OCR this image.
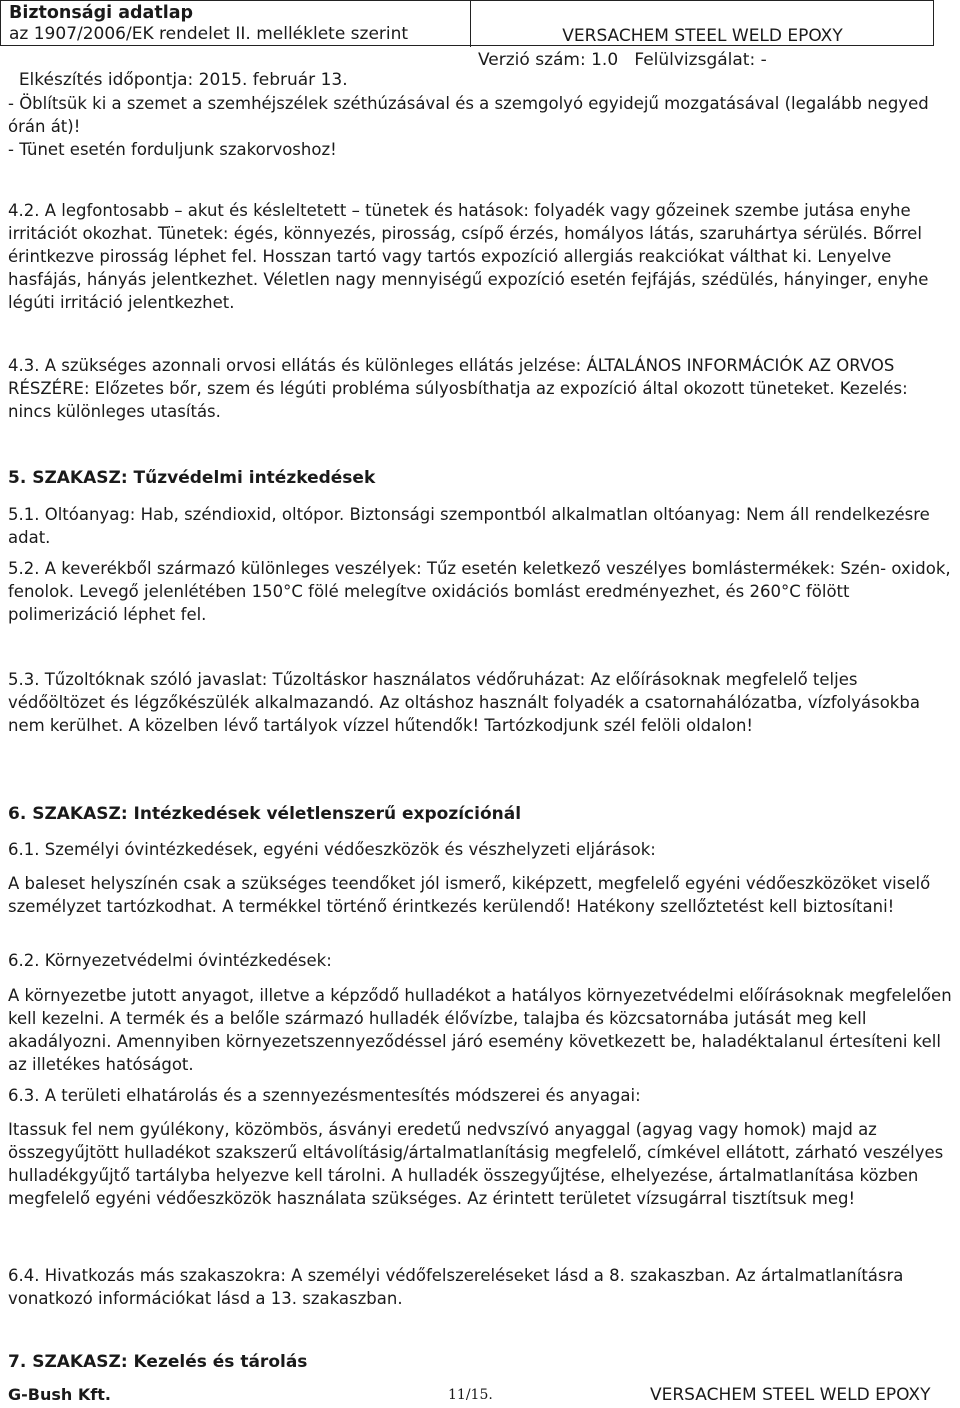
Biztonsági adatlap
az 1907/2006/EK rendelet II. melléklete szerint	VERSACHEM STEEL WELD EPOXY

Elkészítés időpontja: 2015. február 13.

Verzió szám: 1.0   Felülvizsgálat: -

- Öblítsük ki a szemet a szemhéjszélek széthúzásával és a szemgolyó egyidejű mozgatásával (legalább negyed órán át)!

- Tünet esetén forduljunk szakorvoshoz!

4.2. A legfontosabb – akut és késleltetett – tünetek és hatások: folyadék vagy gőzeinek szembe jutása enyhe irritációt okozhat. Tünetek: égés, könnyezés, pirosság, csípő érzés, homályos látás, szaruhártya sérülés. Bőrrel érintkezve pirosság léphet fel. Hosszan tartó vagy tartós expozíció allergiás reakciókat válthat ki. Lenyelve hasfájás, hányás jelentkezhet. Véletlen nagy mennyiségű expozíció esetén fejfájás, szédülés, hányinger, enyhe légúti irritáció jelentkezhet.

4.3. A szükséges azonnali orvosi ellátás és különleges ellátás jelzése: ÁLTALÁNOS INFORMÁCIÓK AZ ORVOS RÉSZÉRE: Előzetes bőr, szem és légúti probléma súlyosbíthatja az expozíció által okozott tüneteket. Kezelés: nincs különleges utasítás.

5. SZAKASZ: Tűzvédelmi intézkedések

5.1. Oltóanyag: Hab, széndioxid, oltópor. Biztonsági szempontból alkalmatlan oltóanyag: Nem áll rendelkezésre adat.

5.2. A keverékből származó különleges veszélyek: Tűz esetén keletkező veszélyes bomlástermékek: Szén- oxidok, fenolok. Levegő jelenlétében 150°C fölé melegítve oxidációs bomlást eredményezhet, és 260°C fölött polimerizáció léphet fel.

5.3. Tűzoltóknak szóló javaslat: Tűzoltáskor használatos védőruházat: Az előírásoknak megfelelő teljes védőöltözet és légzőkészülék alkalmazandó. Az oltáshoz használt folyadék a csatornahálózatba, vízfolyásokba nem kerülhet. A közelben lévő tartályok vízzel hűtendők! Tartózkodjunk szél felöli oldalon!

6. SZAKASZ: Intézkedések véletlenszerű expozíciónál

6.1. Személyi óvintézkedések, egyéni védőeszközök és vészhelyzeti eljárások:

A baleset helyszínén csak a szükséges teendőket jól ismerő, kiképzett, megfelelő egyéni védőeszközöket viselő személyzet tartózkodhat. A termékkel történő érintkezés kerülendő! Hatékony szellőztetést kell biztosítani!

6.2. Környezetvédelmi óvintézkedések:

A környezetbe jutott anyagot, illetve a képződő hulladékot a hatályos környezetvédelmi előírásoknak megfelelően kell kezelni. A termék és a belőle származó hulladék élővízbe, talajba és közcsatornába jutását meg kell akadályozni. Amennyiben környezetszennyeződéssel járó esemény következett be, haladéktalanul értesíteni kell az illetékes hatóságot.

6.3. A területi elhatárolás és a szennyezésmentesítés módszerei és anyagai:

Itassuk fel nem gyúlékony, közömbös, ásványi eredetű nedvszívó anyaggal (agyag vagy homok) majd az összegyűjtött hulladékot szakszerű eltávolításig/ártalmatlanításig megfelelő, címkével ellátott, zárható veszélyes hulladékgyűjtő tartályba helyezve kell tárolni. A hulladék összegyűjtése, elhelyezése, ártalmatlanítása közben megfelelő egyéni védőeszközök használata szükséges. Az érintett területet vízsugárral tisztítsuk meg!

6.4. Hivatkozás más szakaszokra: A személyi védőfelszereléseket lásd a 8. szakaszban. Az ártalmatlanításra vonatkozó információkat lásd a 13. szakaszban.

7. SZAKASZ: Kezelés és tárolás
G-Bush Kft.	11/15.	VERSACHEM STEEL WELD EPOXY
